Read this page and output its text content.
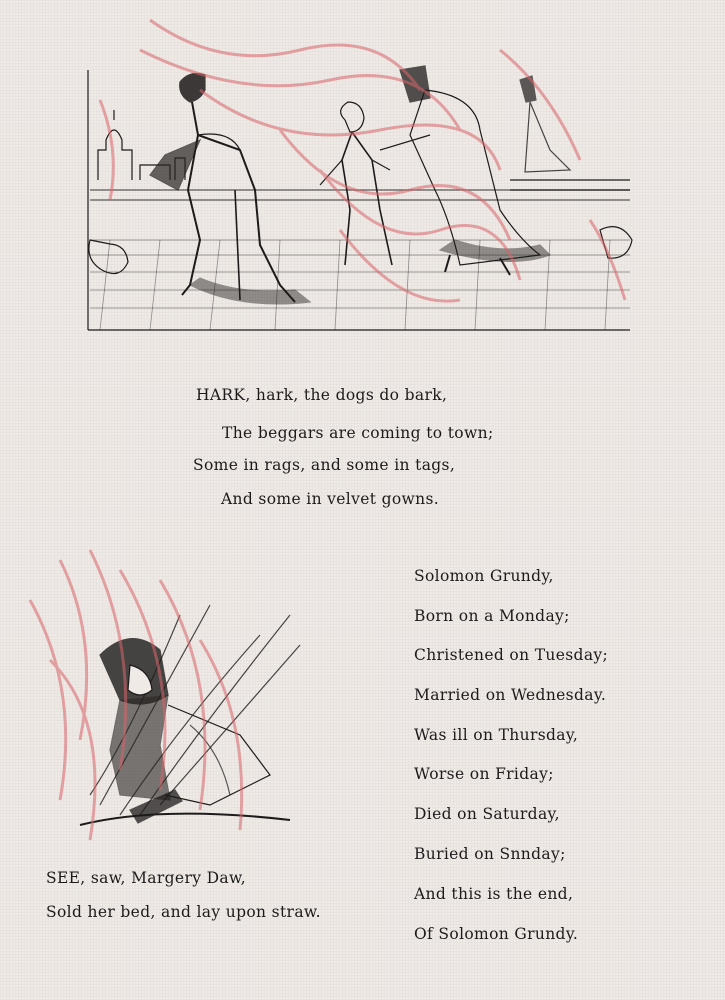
HARK, hark, the dogs do bark,
The beggars are coming to town;
Some in rags, and some in tags,
And some in velvet gowns.
SEE, saw, Margery Daw,
Sold her bed, and lay upon straw.
Solomon Grundy,
Born on a Monday;
Christened on Tuesday;
Married on Wednesday.
Was ill on Thursday,
Worse on Friday;
Died on Saturday,
Buried on Snnday;
And this is the end,
Of Solomon Grundy.
